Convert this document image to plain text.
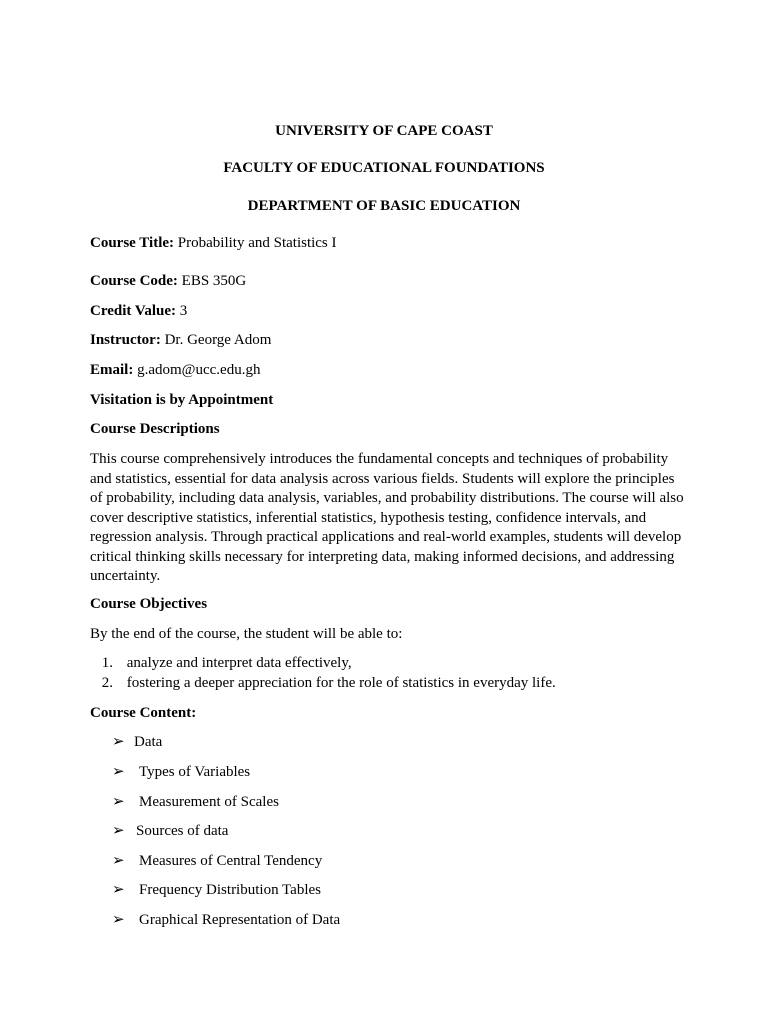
UNIVERSITY OF CAPE COAST
FACULTY OF EDUCATIONAL FOUNDATIONS
DEPARTMENT OF BASIC EDUCATION
Course Title: Probability and Statistics I
Course Code: EBS 350G
Credit Value: 3
Instructor: Dr. George Adom
Email: g.adom@ucc.edu.gh
Visitation is by Appointment
Course Descriptions
This course comprehensively introduces the fundamental concepts and techniques of probability and statistics, essential for data analysis across various fields. Students will explore the principles of probability, including data analysis, variables, and probability distributions. The course will also cover descriptive statistics, inferential statistics, hypothesis testing, confidence intervals, and regression analysis. Through practical applications and real-world examples, students will develop critical thinking skills necessary for interpreting data, making informed decisions, and addressing uncertainty.
Course Objectives
By the end of the course, the student will be able to:
1. analyze and interpret data effectively,
2. fostering a deeper appreciation for the role of statistics in everyday life.
Course Content:
➢ Data
➢ Types of Variables
➢ Measurement of Scales
➢ Sources of data
➢ Measures of Central Tendency
➢ Frequency Distribution Tables
➢ Graphical Representation of Data
